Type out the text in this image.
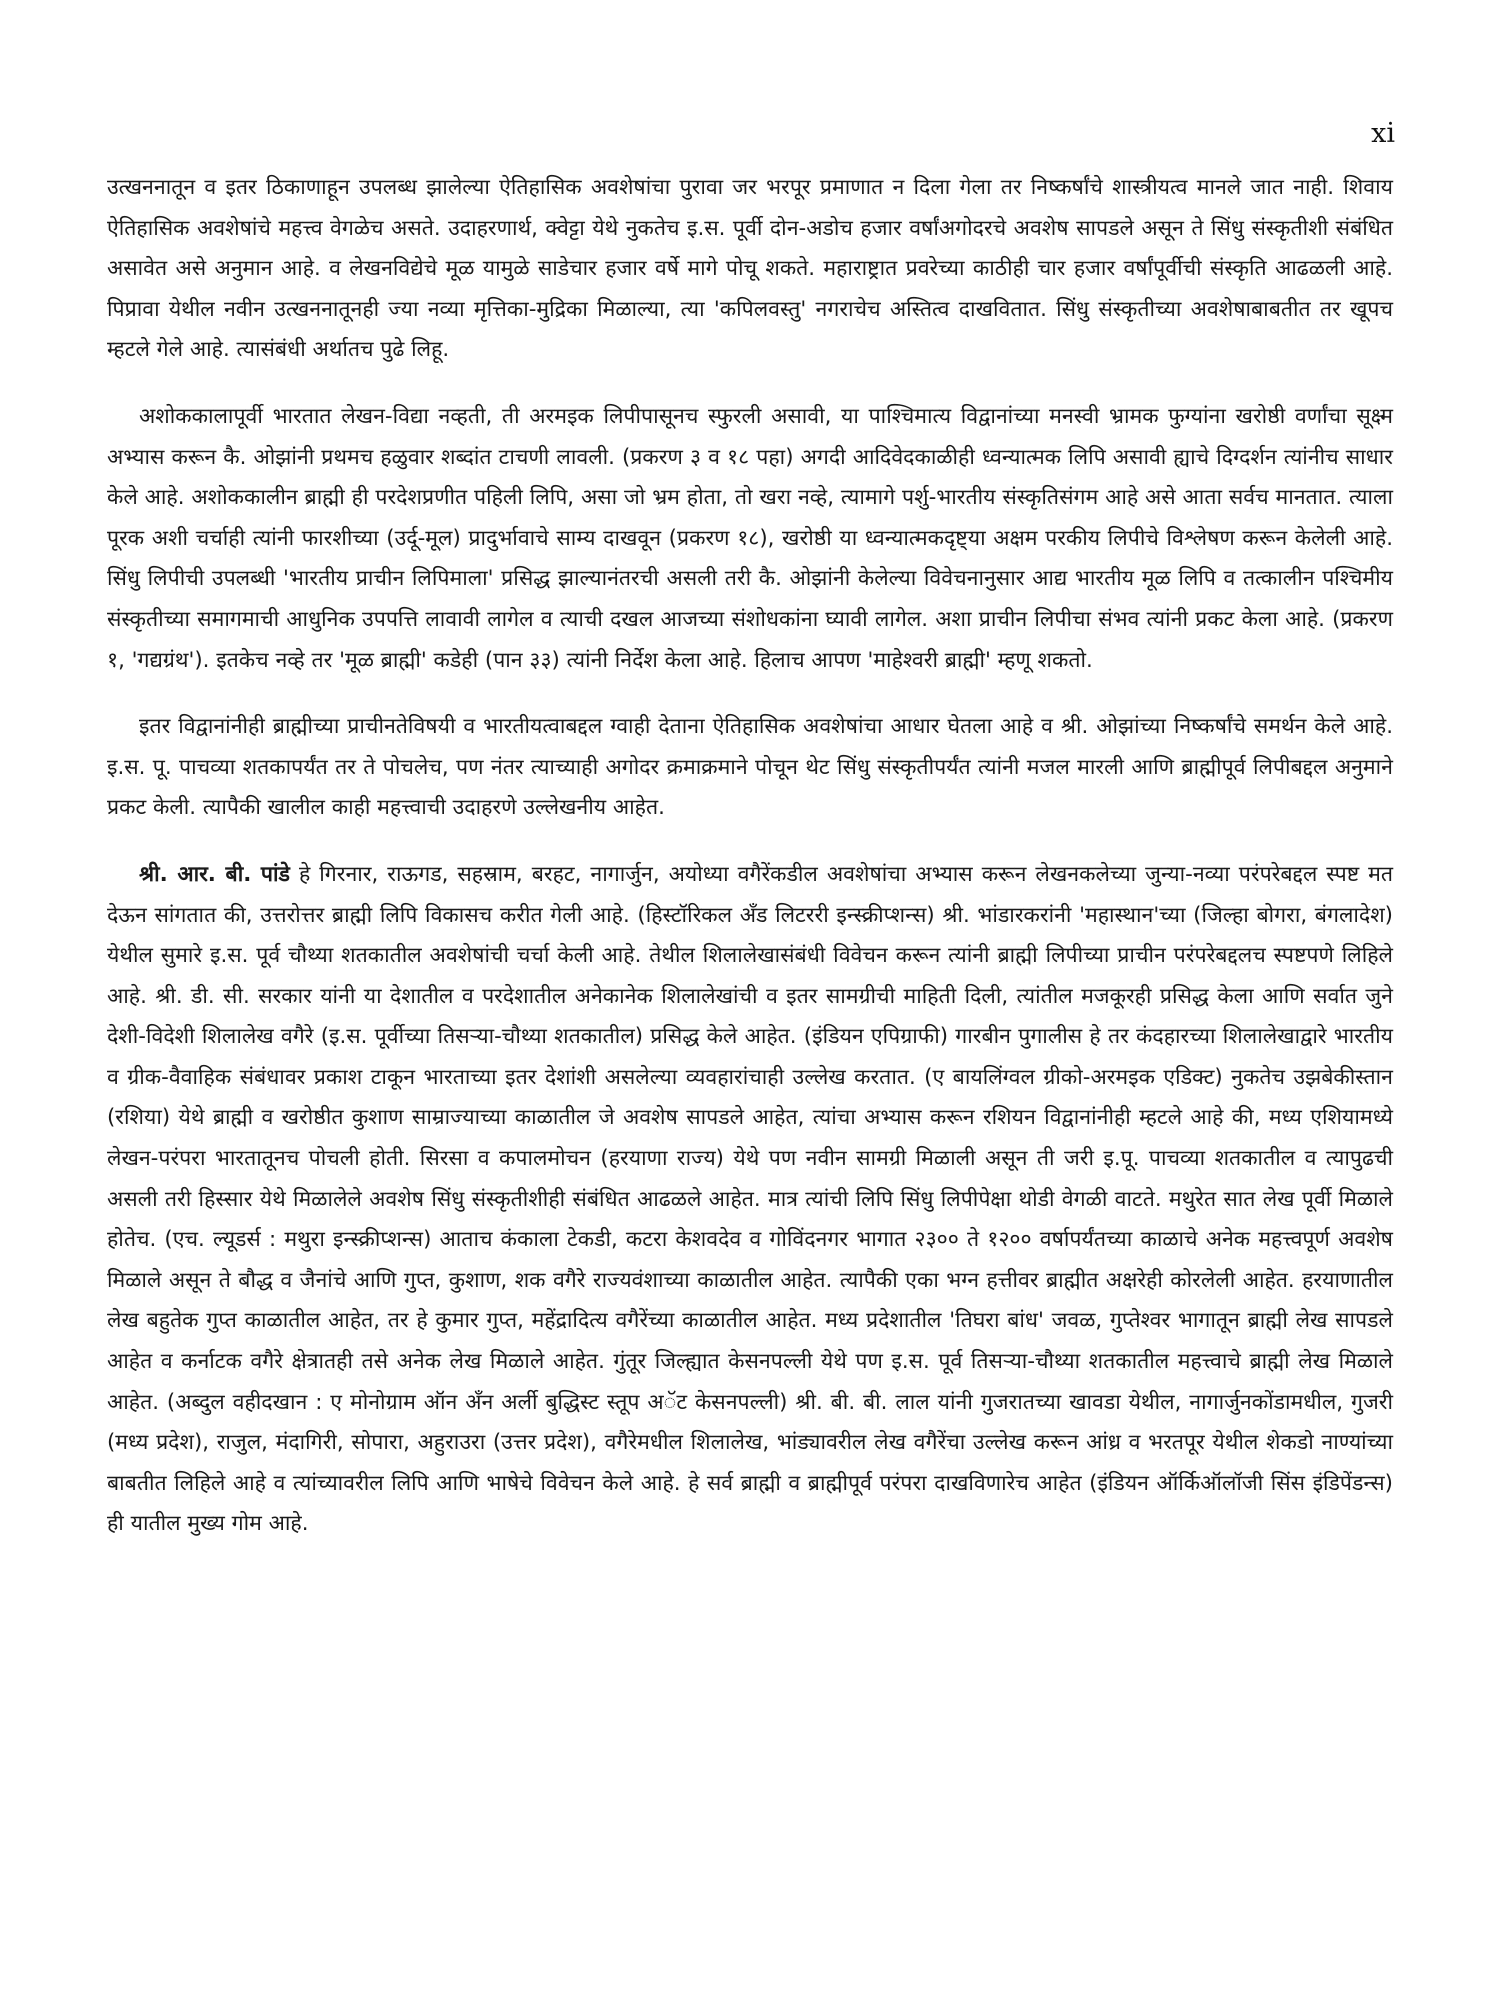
xi

उत्खननातून व इतर ठिकाणाहून उपलब्ध झालेल्या ऐतिहासिक अवशेषांचा पुरावा जर भरपूर प्रमाणात न दिला गेला तर निष्कर्षांचे शास्त्रीयत्व मानले जात नाही. शिवाय ऐतिहासिक अवशेषांचे महत्त्व वेगळेच असते. उदाहरणार्थ, क्वेट्टा येथे नुकतेच इ.स. पूर्वी दोन-अडोच हजार वर्षांअगोदरचे अवशेष सापडले असून ते सिंधु संस्कृतीशी संबंधित असावेत असे अनुमान आहे. व लेखनविद्येचे मूळ यामुळे साडेचार हजार वर्षे मागे पोचू शकते. महाराष्ट्रात प्रवरेच्या काठीही चार हजार वर्षांपूर्वीची संस्कृति आढळली आहे. पिप्रावा येथील नवीन उत्खननातूनही ज्या नव्या मृत्तिका-मुद्रिका मिळाल्या, त्या 'कपिलवस्तु' नगराचेच अस्तित्व दाखवितात. सिंधु संस्कृतीच्या अवशेषाबाबतीत तर खूपच म्हटले गेले आहे. त्यासंबंधी अर्थातच पुढे लिहू.

अशोककालापूर्वी भारतात लेखन-विद्या नव्हती, ती अरमइक लिपीपासूनच स्फुरली असावी, या पाश्चिमात्य विद्वानांच्या मनस्वी भ्रामक फुग्यांना खरोष्ठी वर्णांचा सूक्ष्म अभ्यास करून कै. ओझांनी प्रथमच हळुवार शब्दांत टाचणी लावली. (प्रकरण ३ व १८ पहा) अगदी आदिवेदकाळीही ध्वन्यात्मक लिपि असावी ह्याचे दिग्दर्शन त्यांनीच साधार केले आहे. अशोककालीन ब्राह्मी ही परदेशप्रणीत पहिली लिपि, असा जो भ्रम होता, तो खरा नव्हे, त्यामागे पर्शु-भारतीय संस्कृतिसंगम आहे असे आता सर्वच मानतात. त्याला पूरक अशी चर्चाही त्यांनी फारशीच्या (उर्दू-मूल) प्रादुर्भावाचे साम्य दाखवून (प्रकरण १८), खरोष्ठी या ध्वन्यात्मकदृष्ट्या अक्षम परकीय लिपीचे विश्लेषण करून केलेली आहे. सिंधु लिपीची उपलब्धी 'भारतीय प्राचीन लिपिमाला' प्रसिद्ध झाल्यानंतरची असली तरी कै. ओझांनी केलेल्या विवेचनानुसार आद्य भारतीय मूळ लिपि व तत्कालीन पश्चिमीय संस्कृतीच्या समागमाची आधुनिक उपपत्ति लावावी लागेल व त्याची दखल आजच्या संशोधकांना घ्यावी लागेल. अशा प्राचीन लिपीचा संभव त्यांनी प्रकट केला आहे. (प्रकरण १, 'गद्यग्रंथ'). इतकेच नव्हे तर 'मूळ ब्राह्मी' कडेही (पान ३३) त्यांनी निर्देश केला आहे. हिलाच आपण 'माहेश्वरी ब्राह्मी' म्हणू शकतो.

इतर विद्वानांनीही ब्राह्मीच्या प्राचीनतेविषयी व भारतीयत्वाबद्दल ग्वाही देताना ऐतिहासिक अवशेषांचा आधार घेतला आहे व श्री. ओझांच्या निष्कर्षांचे समर्थन केले आहे. इ.स. पू. पाचव्या शतकापर्यंत तर ते पोचलेच, पण नंतर त्याच्याही अगोदर क्रमाक्रमाने पोचून थेट सिंधु संस्कृतीपर्यंत त्यांनी मजल मारली आणि ब्राह्मीपूर्व लिपीबद्दल अनुमाने प्रकट केली. त्यापैकी खालील काही महत्त्वाची उदाहरणे उल्लेखनीय आहेत.

श्री. आर. बी. पांडे हे गिरनार, राऊगड, सहस्राम, बरहट, नागार्जुन, अयोध्या वगैरेंकडील अवशेषांचा अभ्यास करून लेखनकलेच्या जुन्या-नव्या परंपरेबद्दल स्पष्ट मत देऊन सांगतात की, उत्तरोत्तर ब्राह्मी लिपि विकासच करीत गेली आहे. (हिस्टॉरिकल अँड लिटररी इन्स्क्रीप्शन्स) श्री. भांडारकरांनी 'महास्थान'च्या (जिल्हा बोगरा, बंगलादेश) येथील सुमारे इ.स. पूर्व चौथ्या शतकातील अवशेषांची चर्चा केली आहे. तेथील शिलालेखासंबंधी विवेचन करून त्यांनी ब्राह्मी लिपीच्या प्राचीन परंपरेबद्दलच स्पष्टपणे लिहिले आहे. श्री. डी. सी. सरकार यांनी या देशातील व परदेशातील अनेकानेक शिलालेखांची व इतर सामग्रीची माहिती दिली, त्यांतील मजकूरही प्रसिद्ध केला आणि सर्वात जुने देशी-विदेशी शिलालेख वगैरे (इ.स. पूर्वीच्या तिसऱ्या-चौथ्या शतकातील) प्रसिद्ध केले आहेत. (इंडियन एपिग्राफी) गारबीन पुगालीस हे तर कंदहारच्या शिलालेखाद्वारे भारतीय व ग्रीक-वैवाहिक संबंधावर प्रकाश टाकून भारताच्या इतर देशांशी असलेल्या व्यवहारांचाही उल्लेख करतात. (ए बायलिंग्वल ग्रीको-अरमइक एडिक्ट) नुकतेच उझबेकीस्तान (रशिया) येथे ब्राह्मी व खरोष्ठीत कुशाण साम्राज्याच्या काळातील जे अवशेष सापडले आहेत, त्यांचा अभ्यास करून रशियन विद्वानांनीही म्हटले आहे की, मध्य एशियामध्ये लेखन-परंपरा भारतातूनच पोचली होती. सिरसा व कपालमोचन (हरयाणा राज्य) येथे पण नवीन सामग्री मिळाली असून ती जरी इ.पू. पाचव्या शतकातील व त्यापुढची असली तरी हिस्सार येथे मिळालेले अवशेष सिंधु संस्कृतीशीही संबंधित आढळले आहेत. मात्र त्यांची लिपि सिंधु लिपीपेक्षा थोडी वेगळी वाटते. मथुरेत सात लेख पूर्वी मिळाले होतेच. (एच. ल्यूडर्स : मथुरा इन्स्क्रीप्शन्स) आताच कंकाला टेकडी, कटरा केशवदेव व गोविंदनगर भागात २३०० ते १२०० वर्षापर्यंतच्या काळाचे अनेक महत्त्वपूर्ण अवशेष मिळाले असून ते बौद्ध व जैनांचे आणि गुप्त, कुशाण, शक वगैरे राज्यवंशाच्या काळातील आहेत. त्यापैकी एका भग्न हत्तीवर ब्राह्मीत अक्षरेही कोरलेली आहेत. हरयाणातील लेख बहुतेक गुप्त काळातील आहेत, तर हे कुमार गुप्त, महेंद्रादित्य वगैरेंच्या काळातील आहेत. मध्य प्रदेशातील 'तिघरा बांध' जवळ, गुप्तेश्वर भागातून ब्राह्मी लेख सापडले आहेत व कर्नाटक वगैरे क्षेत्रातही तसे अनेक लेख मिळाले आहेत. गुंतूर जिल्ह्यात केसनपल्ली येथे पण इ.स. पूर्व तिसऱ्या-चौथ्या शतकातील महत्त्वाचे ब्राह्मी लेख मिळाले आहेत. (अब्दुल वहीदखान : ए मोनोग्राम ऑन अँन अर्ली बुद्धिस्ट स्तूप अॅट केसनपल्ली) श्री. बी. बी. लाल यांनी गुजरातच्या खावडा येथील, नागार्जुनकोंडामधील, गुजरी (मध्य प्रदेश), राजुल, मंदागिरी, सोपारा, अहुराउरा (उत्तर प्रदेश), वगैरेमधील शिलालेख, भांड्यावरील लेख वगैरेंचा उल्लेख करून आंध्र व भरतपूर येथील शेकडो नाण्यांच्या बाबतीत लिहिले आहे व त्यांच्यावरील लिपि आणि भाषेचे विवेचन केले आहे. हे सर्व ब्राह्मी व ब्राह्मीपूर्व परंपरा दाखविणारेच आहेत (इंडियन ऑर्किऑलॉजी सिंस इंडिपेंडन्स) ही यातील मुख्य गोम आहे.
